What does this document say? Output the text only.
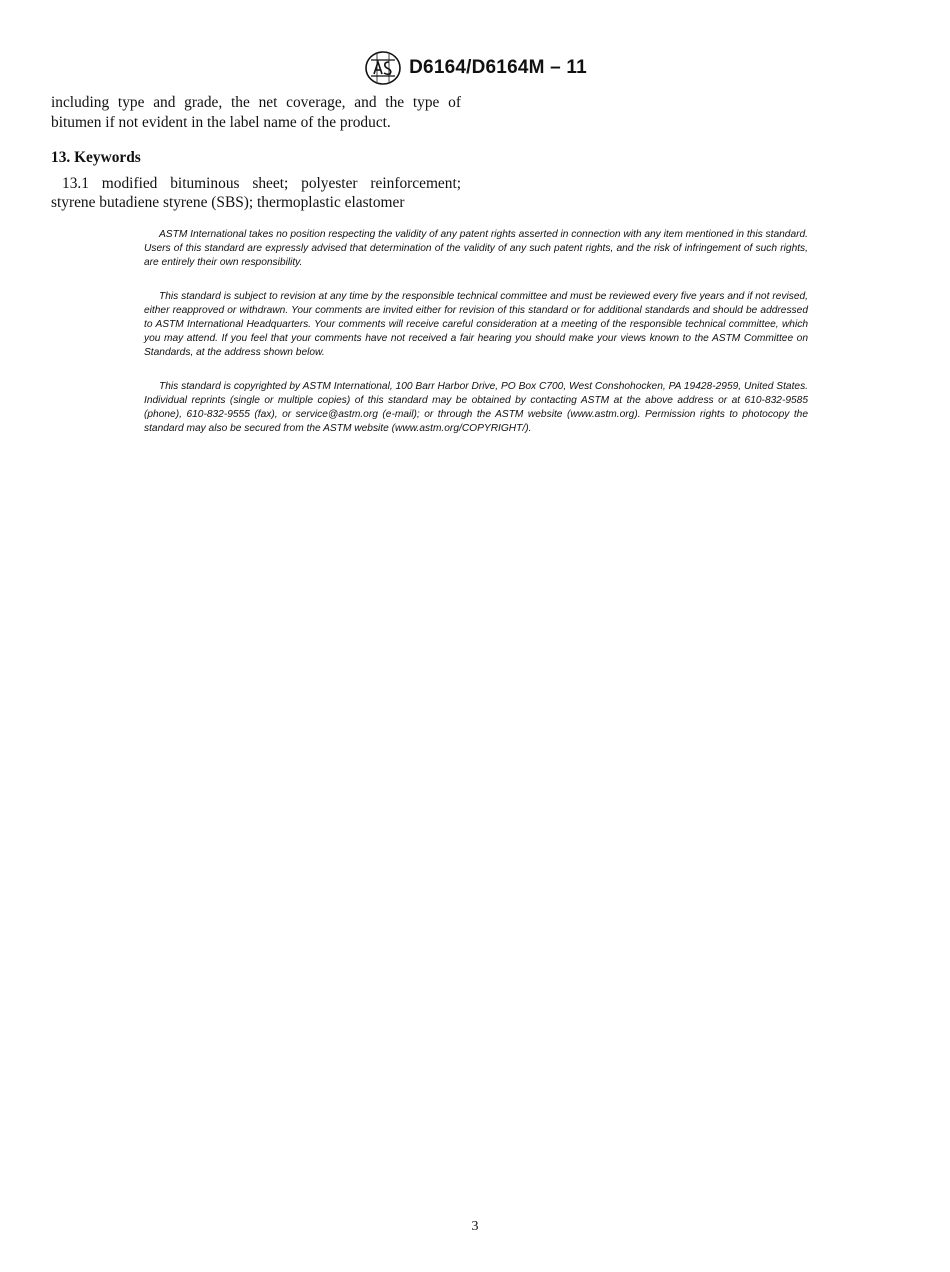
D6164/D6164M – 11

including type and grade, the net coverage, and the type of bitumen if not evident in the label name of the product.

13. Keywords

13.1 modified bituminous sheet; polyester reinforcement; styrene butadiene styrene (SBS); thermoplastic elastomer

ASTM International takes no position respecting the validity of any patent rights asserted in connection with any item mentioned in this standard. Users of this standard are expressly advised that determination of the validity of any such patent rights, and the risk of infringement of such rights, are entirely their own responsibility.

This standard is subject to revision at any time by the responsible technical committee and must be reviewed every five years and if not revised, either reapproved or withdrawn. Your comments are invited either for revision of this standard or for additional standards and should be addressed to ASTM International Headquarters. Your comments will receive careful consideration at a meeting of the responsible technical committee, which you may attend. If you feel that your comments have not received a fair hearing you should make your views known to the ASTM Committee on Standards, at the address shown below.

This standard is copyrighted by ASTM International, 100 Barr Harbor Drive, PO Box C700, West Conshohocken, PA 19428-2959, United States. Individual reprints (single or multiple copies) of this standard may be obtained by contacting ASTM at the above address or at 610-832-9585 (phone), 610-832-9555 (fax), or service@astm.org (e-mail); or through the ASTM website (www.astm.org). Permission rights to photocopy the standard may also be secured from the ASTM website (www.astm.org/COPYRIGHT/).

3
